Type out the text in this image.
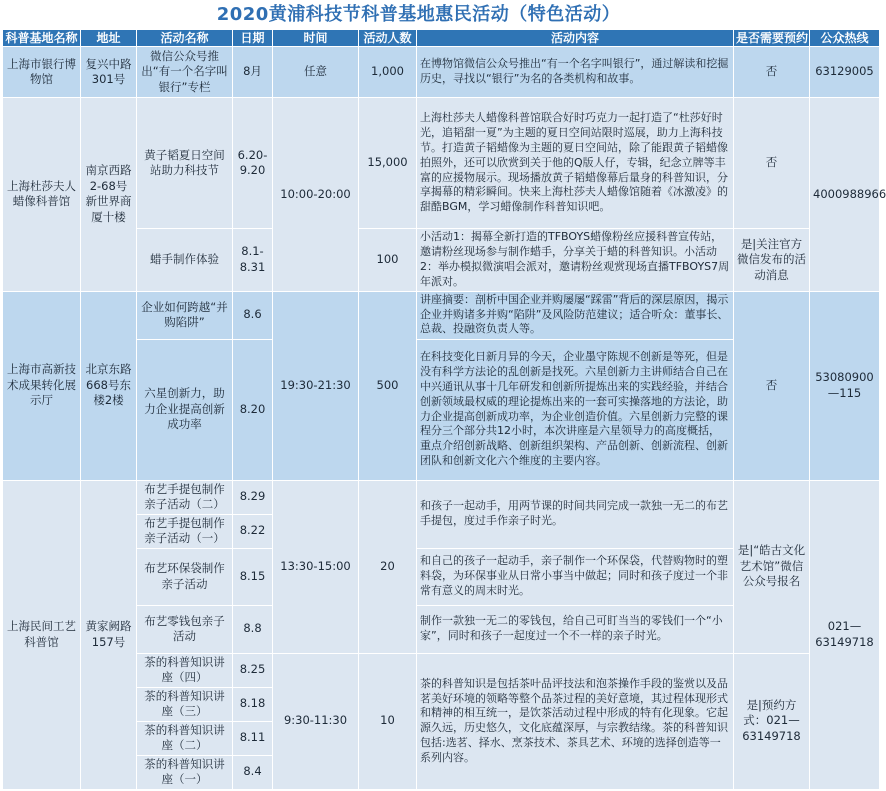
2020黄浦科技节科普基地惠民活动（特色活动）
科普基地名称	地址	活动名称	日期	时间	活动人数	活动内容	是否需要预约	公众热线
上海市银行博物馆	复兴中路301号	微信公众号推出“有一个名字叫银行”专栏	8月	任意	1,000	在博物馆微信公众号推出“有一个名字叫银行”，通过解读和挖掘历史，寻找以“银行”为名的各类机构和故事。	否	63129005
上海杜莎夫人蜡像科普馆	南京西路2-68号新世界商厦十楼	黄子韬夏日空间站助力科技节	6.20-9.20	10:00-20:00	15,000	上海杜莎夫人蜡像科普馆联合好时巧克力一起打造了“杜莎好时光，追韬甜一夏”为主题的夏日空间站限时巡展，助力上海科技节。打造黄子韬蜡像为主题的夏日空间站，除了能跟黄子韬蜡像拍照外，还可以欣赏到关于他的Q版人仔，专辑，纪念立牌等丰富的应援物展示。现场播放黄子韬蜡像幕后量身的科普知识，分享揭幕的精彩瞬间。快来上海杜莎夫人蜡像馆随着《冰激凌》的甜酷BGM，学习蜡像制作科普知识吧。	否	4000988966
		蜡手制作体验	8.1-8.31		100	小活动1：揭幕全新打造的TFBOYS蜡像粉丝应援科普宣传站，邀请粉丝现场参与制作蜡手，分享关于蜡的科普知识。小活动2：举办模拟微演唱会派对，邀请粉丝观赏现场直播TFBOYS7周年派对。	是|关注官方微信发布的活动消息	
上海市高新技术成果转化展示厅	北京东路668号东楼2楼	企业如何跨越“并购陷阱”	8.6	19:30-21:30	500	讲座摘要：剖析中国企业并购屡屡“踩雷”背后的深层原因，揭示企业并购诸多并购“陷阱”及风险防范建议；适合听众：董事长、总裁、投融资负责人等。	否	53080900—115
		六星创新力，助力企业提高创新成功率	8.20			在科技变化日新月异的今天，企业墨守陈规不创新是等死，但是没有科学方法论的乱创新是找死。六星创新力主讲师结合自己在中兴通讯从事十几年研发和创新所提炼出来的实践经验，并结合创新领域最权威的理论提炼出来的一套可实操落地的方法论，助力企业提高创新成功率，为企业创造价值。六星创新力完整的课程分三个部分共12小时，本次讲座是六星领导力的高度概括，重点介绍创新战略、创新组织架构、产品创新、创新流程、创新团队和创新文化六个维度的主要内容。		
上海民间工艺科普馆	黄家阙路157号	布艺手提包制作亲子活动（二）	8.29	13:30-15:00	20	和孩子一起动手，用两节课的时间共同完成一款独一无二的布艺手提包，度过手作亲子时光。	是|“皓古文化艺术馆”微信公众号报名	021—63149718
		布艺手提包制作亲子活动（一）	8.22					
		布艺环保袋制作亲子活动	8.15			和自己的孩子一起动手，亲子制作一个环保袋，代替购物时的塑料袋，为环保事业从日常小事当中做起；同时和孩子度过一个非常有意义的周末时光。		
		布艺零钱包亲子活动	8.8			制作一款独一无二的零钱包，给自己可盯当当的零钱们一个“小家”，同时和孩子一起度过一个不一样的亲子时光。		
		茶的科普知识讲座（四）	8.25	9:30-11:30	10	茶的科普知识是包括茶叶品评技法和泡茶操作手段的鉴赏以及品茗美好环境的领略等整个品茶过程的美好意境，其过程体现形式和精神的相互统一，是饮茶活动过程中形成的特有化现象。它起源久远，历史悠久，文化底蕴深厚，与宗教结缘。茶的科普知识包括:选茗、择水、烹茶技术、茶具艺术、环境的选择创造等一系列内容。	是|预约方式：021—63149718	
		茶的科普知识讲座（三）	8.18					
		茶的科普知识讲座（二）	8.11					
		茶的科普知识讲座（一）	8.4					
